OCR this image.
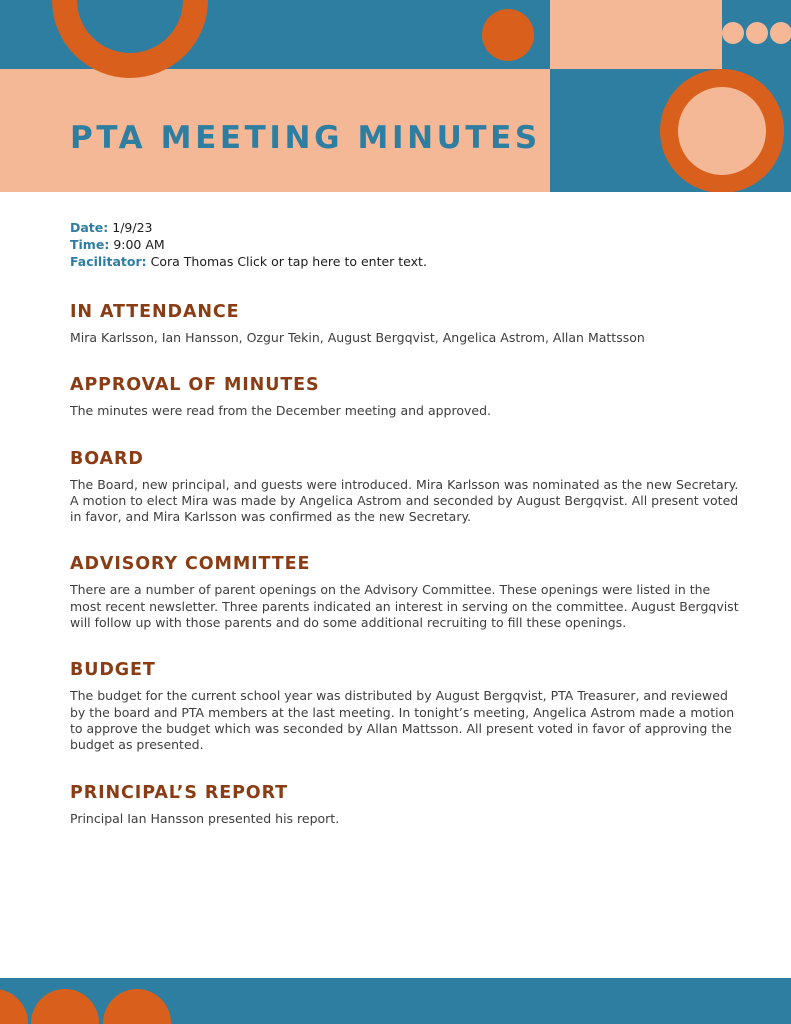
PTA MEETING MINUTES

Date: 1/9/23

Time: 9:00 AM

Facilitator: Cora Thomas Click or tap here to enter text.

IN ATTENDANCE

Mira Karlsson, Ian Hansson, Ozgur Tekin, August Bergqvist, Angelica Astrom, Allan Mattsson

APPROVAL OF MINUTES

The minutes were read from the December meeting and approved.

BOARD

The Board, new principal, and guests were introduced. Mira Karlsson was nominated as the new Secretary. A motion to elect Mira was made by Angelica Astrom and seconded by August Bergqvist. All present voted in favor, and Mira Karlsson was confirmed as the new Secretary.

ADVISORY COMMITTEE

There are a number of parent openings on the Advisory Committee. These openings were listed in the most recent newsletter. Three parents indicated an interest in serving on the committee. August Bergqvist will follow up with those parents and do some additional recruiting to fill these openings.

BUDGET

The budget for the current school year was distributed by August Bergqvist, PTA Treasurer, and reviewed by the board and PTA members at the last meeting. In tonight’s meeting, Angelica Astrom made a motion to approve the budget which was seconded by Allan Mattsson. All present voted in favor of approving the budget as presented.

PRINCIPAL’S REPORT

Principal Ian Hansson presented his report.
